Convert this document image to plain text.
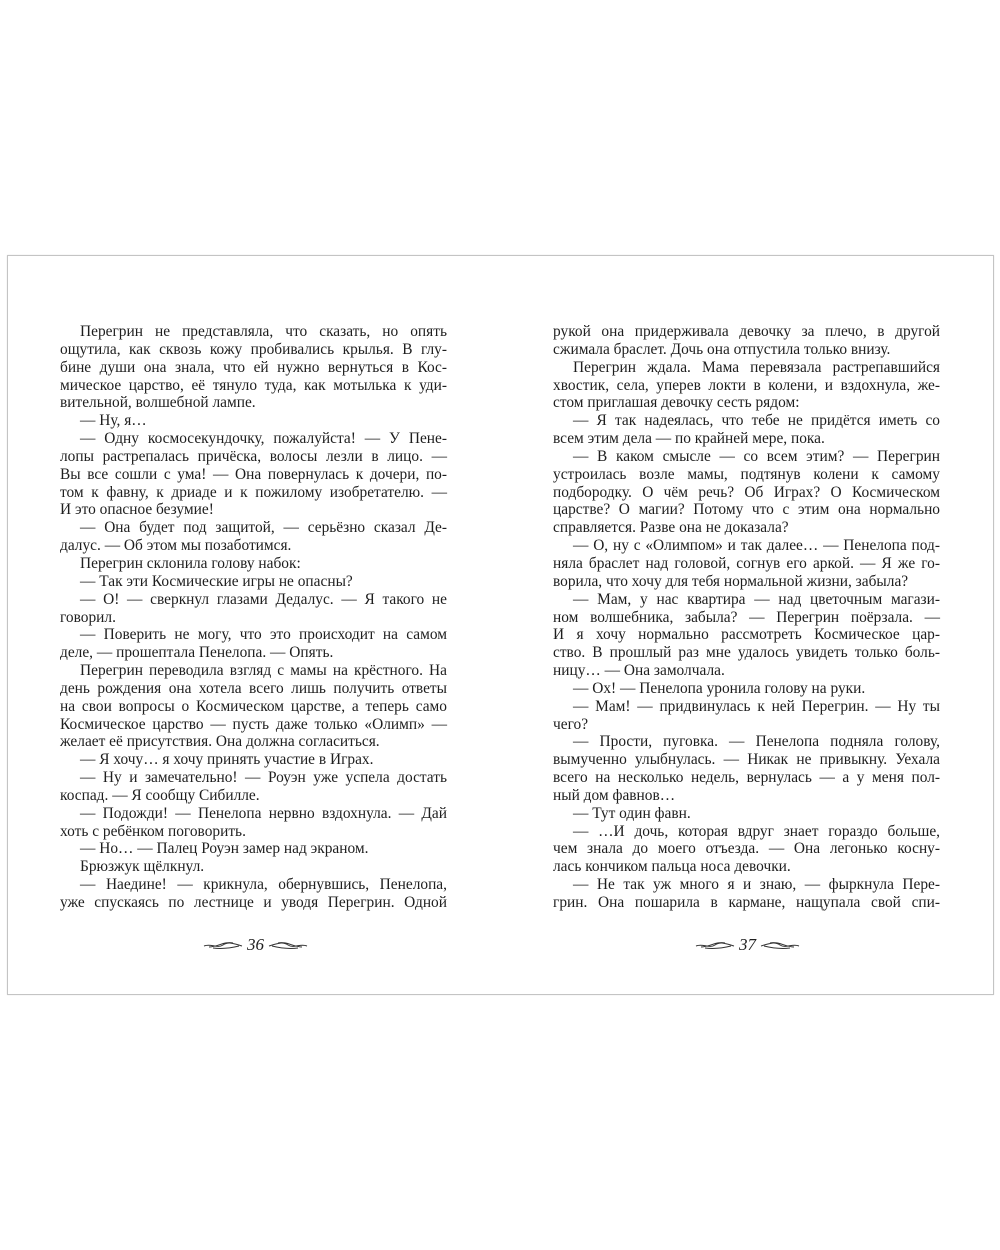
Перегрин не представляла, что сказать, но опять
ощутила, как сквозь кожу пробивались крылья. В глу-
бине души она знала, что ей нужно вернуться в Кос-
мическое царство, её тянуло туда, как мотылька к уди-
вительной, волшебной лампе.
— Ну, я…
— Одну космосекундочку, пожалуйста! — У Пене-
лопы растрепалась причёска, волосы лезли в лицо. —
Вы все сошли с ума! — Она повернулась к дочери, по-
том к фавну, к дриаде и к пожилому изобретателю. —
И это опасное безумие!
— Она будет под защитой, — серьёзно сказал Де-
далус. — Об этом мы позаботимся.
Перегрин склонила голову набок:
— Так эти Космические игры не опасны?
— О! — сверкнул глазами Дедалус. — Я такого не
говорил.
— Поверить не могу, что это происходит на самом
деле, — прошептала Пенелопа. — Опять.
Перегрин переводила взгляд с мамы на крёстного. На
день рождения она хотела всего лишь получить ответы
на свои вопросы о Космическом царстве, а теперь само
Космическое царство — пусть даже только «Олимп» —
желает её присутствия. Она должна согласиться.
— Я хочу… я хочу принять участие в Играх.
— Ну и замечательно! — Роуэн уже успела достать
коспад. — Я сообщу Сибилле.
— Подожди! — Пенелопа нервно вздохнула. — Дай
хоть с ребёнком поговорить.
— Но… — Палец Роуэн замер над экраном.
Брюзжук щёлкнул.
— Наедине! — крикнула, обернувшись, Пенелопа,
уже спускаясь по лестнице и уводя Перегрин. Одной
рукой она придерживала девочку за плечо, в другой
сжимала браслет. Дочь она отпустила только внизу.
Перегрин ждала. Мама перевязала растрепавшийся
хвостик, села, уперев локти в колени, и вздохнула, же-
стом приглашая девочку сесть рядом:
— Я так надеялась, что тебе не придётся иметь со
всем этим дела — по крайней мере, пока.
— В каком смысле — со всем этим? — Перегрин
устроилась возле мамы, подтянув колени к самому
подбородку. О чём речь? Об Играх? О Космическом
царстве? О магии? Потому что с этим она нормально
справляется. Разве она не доказала?
— О, ну с «Олимпом» и так далее… — Пенелопа под-
няла браслет над головой, согнув его аркой. — Я же го-
ворила, что хочу для тебя нормальной жизни, забыла?
— Мам, у нас квартира — над цветочным магази-
ном волшебника, забыла? — Перегрин поёрзала. —
И я хочу нормально рассмотреть Космическое цар-
ство. В прошлый раз мне удалось увидеть только боль-
ницу… — Она замолчала.
— Ох! — Пенелопа уронила голову на руки.
— Мам! — придвинулась к ней Перегрин. — Ну ты
чего?
— Прости, пуговка. — Пенелопа подняла голову,
вымученно улыбнулась. — Никак не привыкну. Уехала
всего на несколько недель, вернулась — а у меня пол-
ный дом фавнов…
— Тут один фавн.
— …И дочь, которая вдруг знает гораздо больше,
чем знала до моего отъезда. — Она легонько косну-
лась кончиком пальца носа девочки.
— Не так уж много я и знаю, — фыркнула Пере-
грин. Она пошарила в кармане, нащупала свой спи-
36	37
